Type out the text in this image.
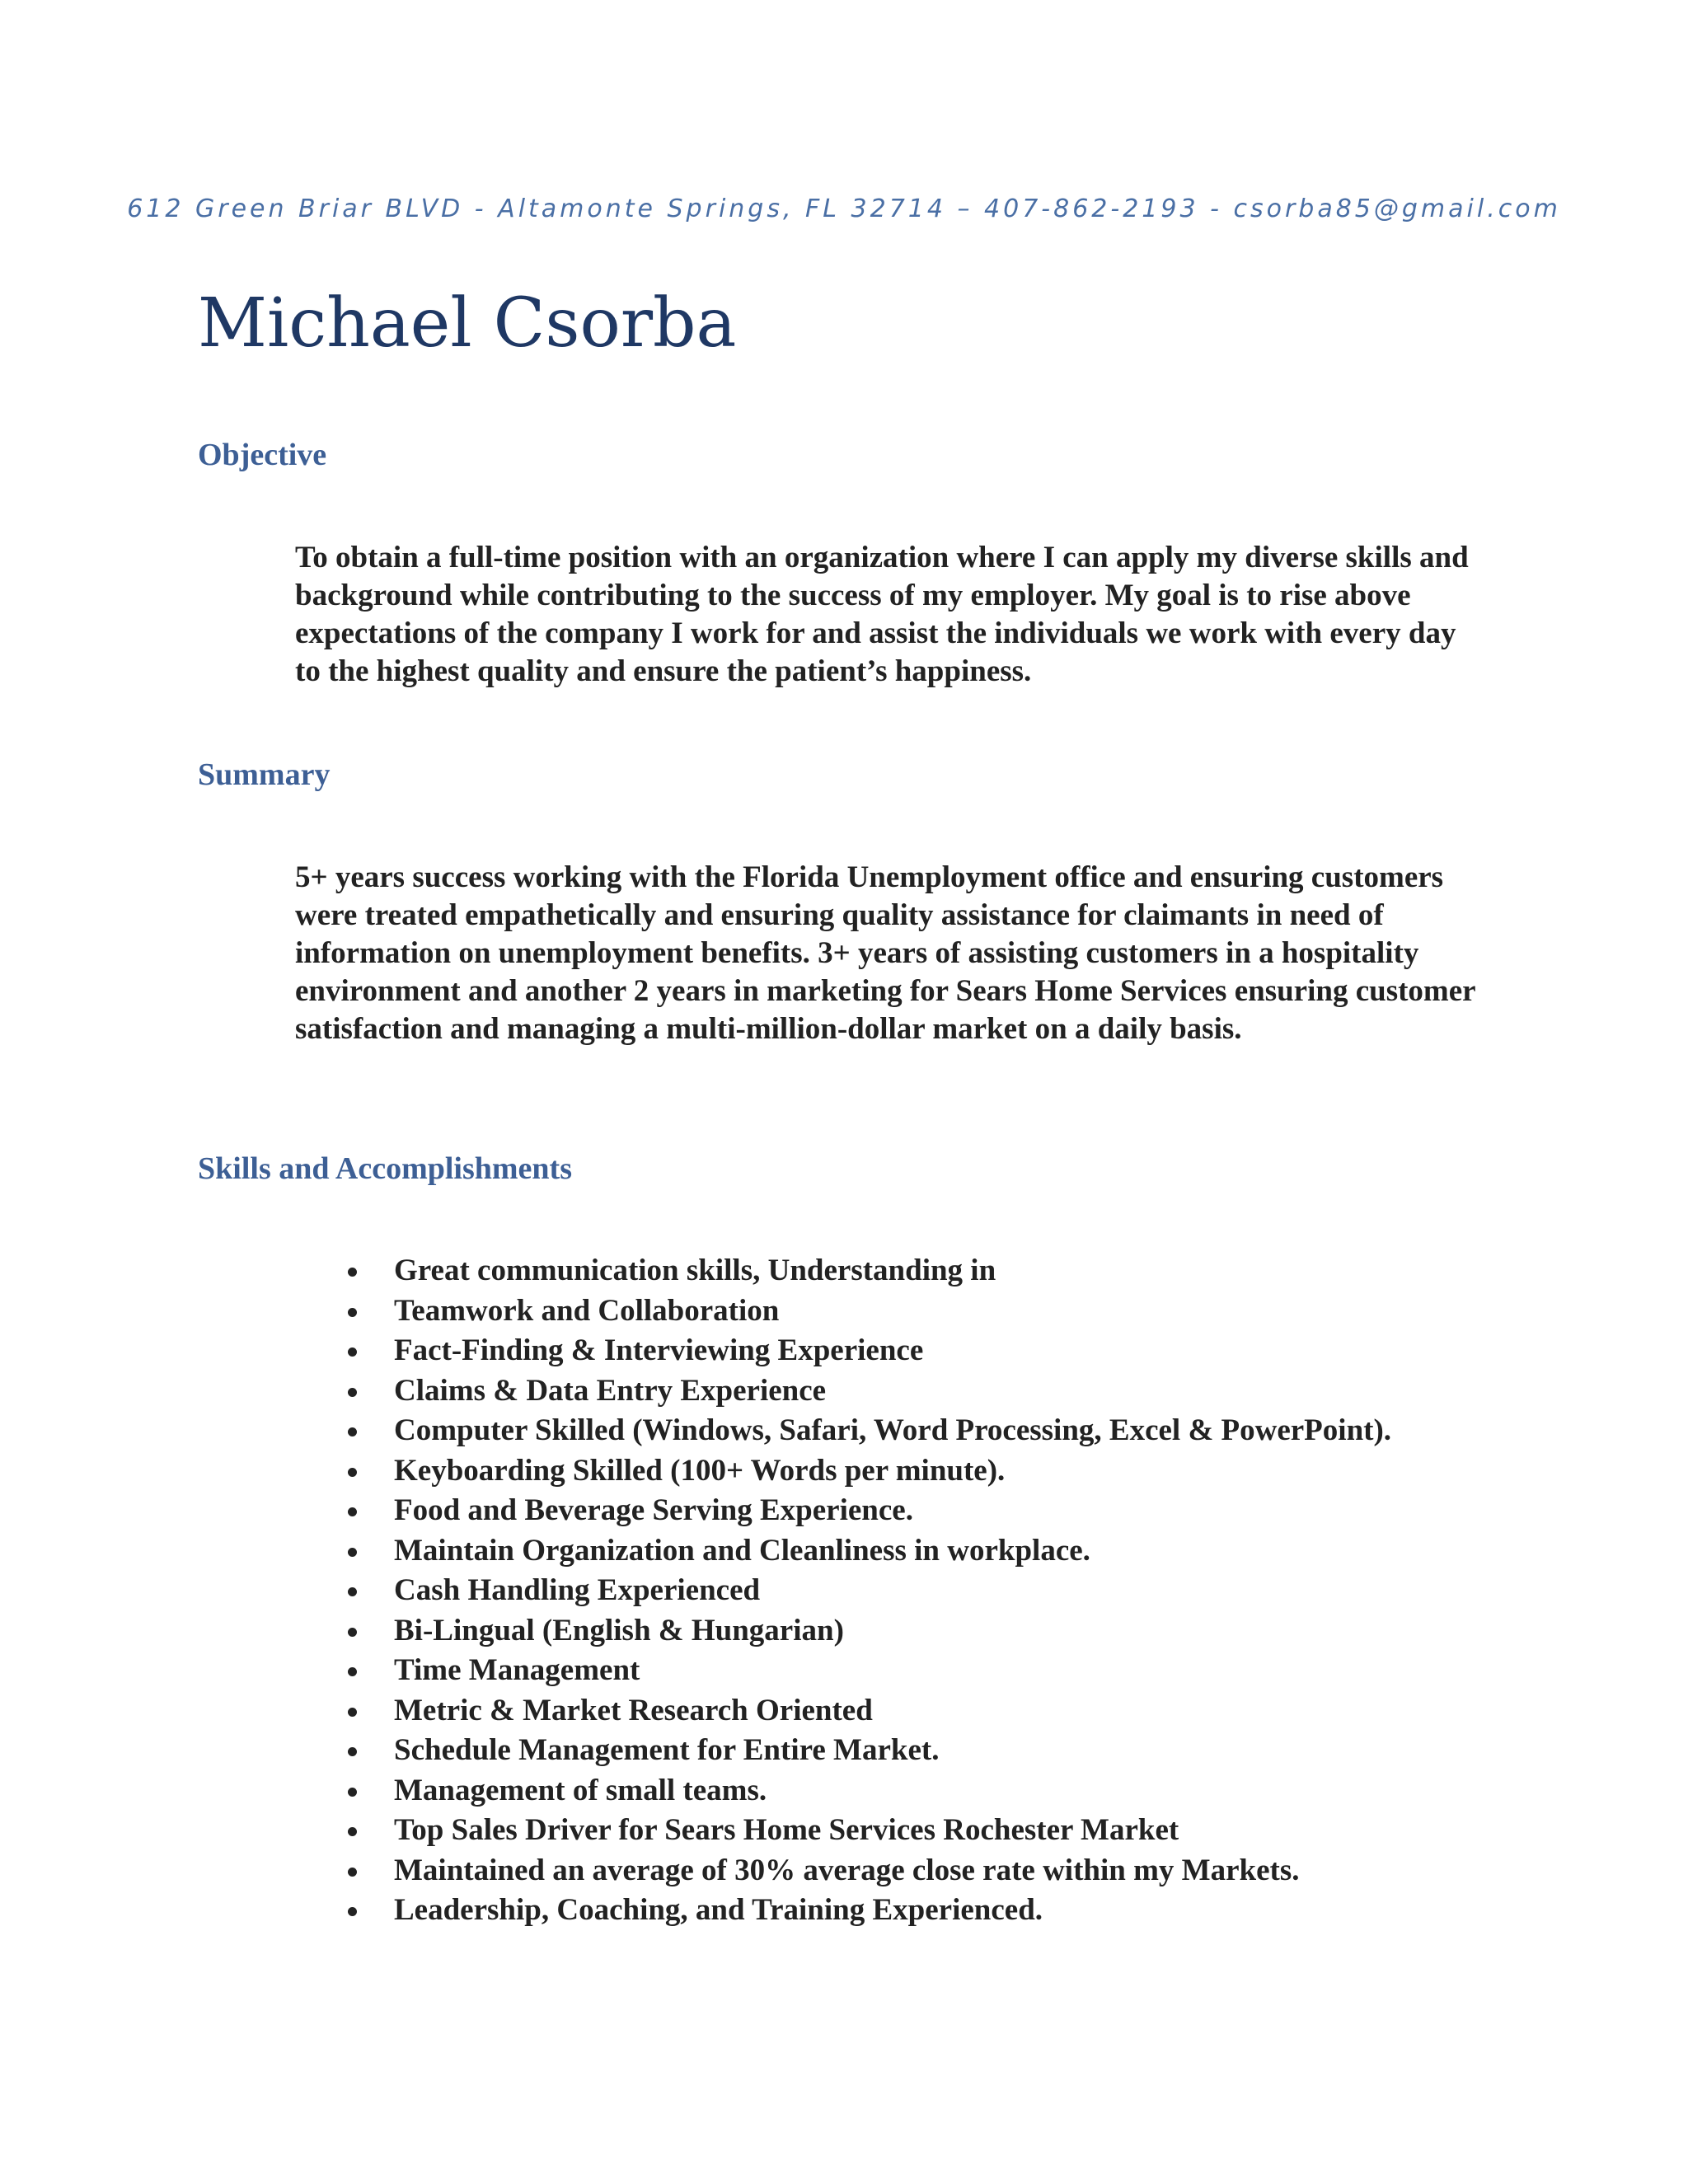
612 Green Briar BLVD - Altamonte Springs, FL 32714 – 407-862-2193 - csorba85@gmail.com
Michael Csorba
Objective

To obtain a full-time position with an organization where I can apply my diverse skills and background while contributing to the success of my employer. My goal is to rise above expectations of the company I work for and assist the individuals we work with every day to the highest quality and ensure the patient’s happiness.

Summary

5+ years success working with the Florida Unemployment office and ensuring customers were treated empathetically and ensuring quality assistance for claimants in need of information on unemployment benefits. 3+ years of assisting customers in a hospitality environment and another 2 years in marketing for Sears Home Services ensuring customer satisfaction and managing a multi-million-dollar market on a daily basis.

Skills and Accomplishments
Great communication skills, Understanding in
Teamwork and Collaboration
Fact-Finding & Interviewing Experience
Claims & Data Entry Experience
Computer Skilled (Windows, Safari, Word Processing, Excel & PowerPoint).
Keyboarding Skilled (100+ Words per minute).
Food and Beverage Serving Experience.
Maintain Organization and Cleanliness in workplace.
Cash Handling Experienced
Bi-Lingual (English & Hungarian)
Time Management
Metric & Market Research Oriented
Schedule Management for Entire Market.
Management of small teams.
Top Sales Driver for Sears Home Services Rochester Market
Maintained an average of 30% average close rate within my Markets.
Leadership, Coaching, and Training Experienced.
